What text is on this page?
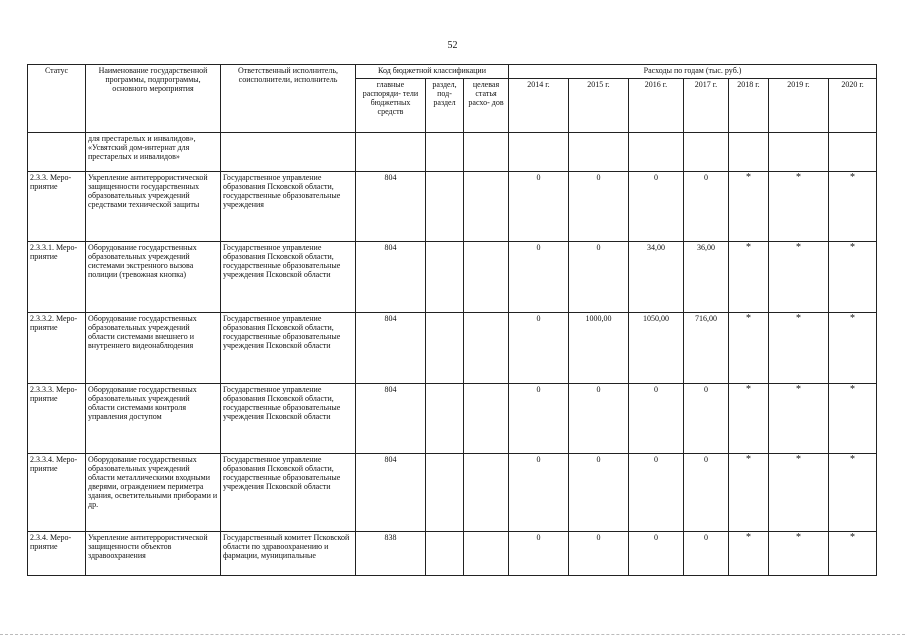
52
Статус	Наименование государственной программы, подпрограммы, основного мероприятия	Ответственный исполнитель, соисполнители, исполнитель	Код бюджетной классификации			Расходы по годам (тыс. руб.)						
			главные распоряди- тели бюджетных средств	раздел, под- раздел	целевая статья расхо- дов	2014 г.	2015 г.	2016 г.	2017 г.	2018 г.	2019 г.	2020 г.
	для престарелых и инвалидов», «Усвятский дом-интернат для престарелых и инвалидов»											
2.3.3. Меро- приятие	Укрепление антитеррористической защищенности государственных образовательных учреждений средствами технической защиты	Государственное управление образования Псковской области, государственные образовательные учреждения	804			0	0	0	0	*	*	*
2.3.3.1. Меро- приятие	Оборудование государственных образовательных учреждений системами экстренного вызова полиции (тревожная кнопка)	Государственное управление образования Псковской области, государственные образовательные учреждения Псковской области	804			0	0	34,00	36,00	*	*	*
2.3.3.2. Меро- приятие	Оборудование государственных образовательных учреждений области системами внешнего и внутреннего видеонаблюдения	Государственное управление образования Псковской области, государственные образовательные учреждения Псковской области	804			0	1000,00	1050,00	716,00	*	*	*
2.3.3.3. Меро- приятие	Оборудование государственных образовательных учреждений области системами контроля управления доступом	Государственное управление образования Псковской области, государственные образовательные учреждения Псковской области	804			0	0	0	0	*	*	*
2.3.3.4. Меро- приятие	Оборудование государственных образовательных учреждений области металлическими входными дверями, ограждением периметра здания, осветительными приборами и др.	Государственное управление образования Псковской области, государственные образовательные учреждения Псковской области	804			0	0	0	0	*	*	*
2.3.4. Меро- приятие	Укрепление антитеррористической защищенности объектов здравоохранения	Государственный комитет Псковской области по здравоохранению и фармации, муниципальные	838			0	0	0	0	*	*	*
